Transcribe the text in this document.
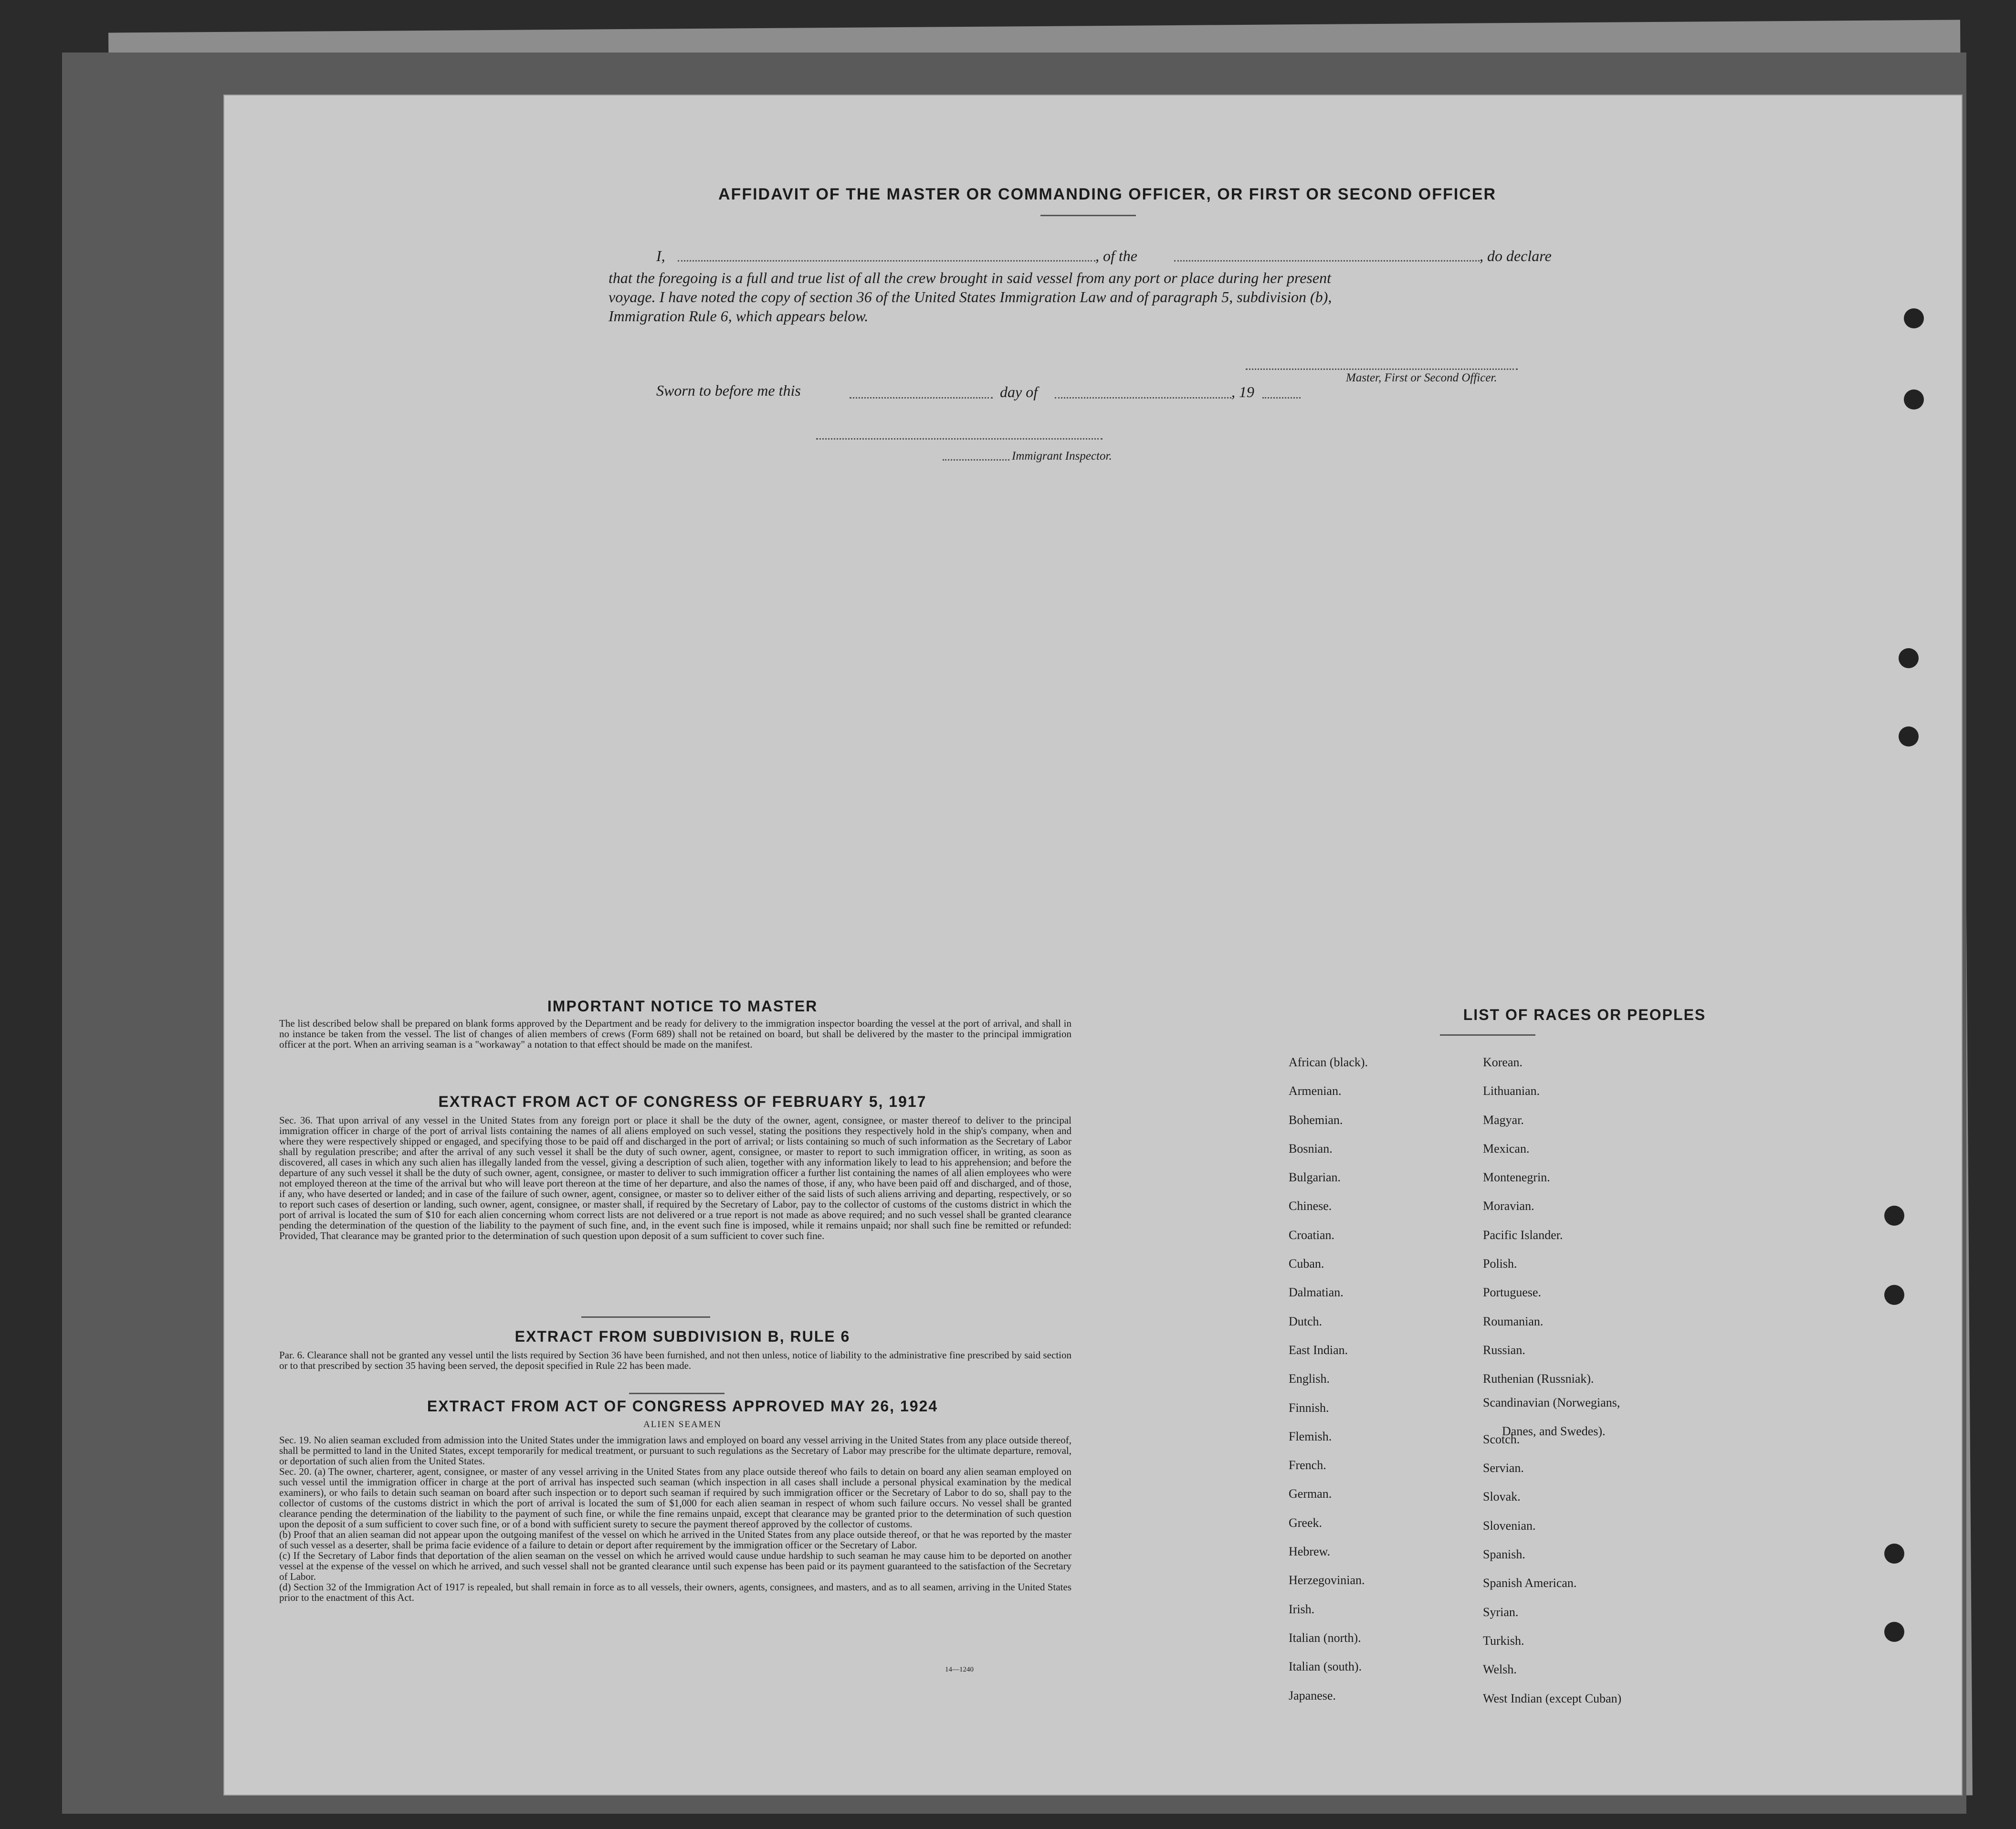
AFFIDAVIT OF THE MASTER OR COMMANDING OFFICER, OR FIRST OR SECOND OFFICER
I,	, of the	, do declare
that the foregoing is a full and true list of all the crew brought in said vessel from any port or place during her present
voyage. I have noted the copy of section 36 of the United States Immigration Law and of paragraph 5, subdivision (b),
Immigration Rule 6, which appears below.
Master, First or Second Officer.
Sworn to before me this	day of	, 19
Immigrant Inspector.
IMPORTANT NOTICE TO MASTER
The list described below shall be prepared on blank forms approved by the Department and be ready for delivery to the immigration inspector boarding the vessel at the port of arrival, and shall in no instance be taken from the vessel. The list of changes of alien members of crews (Form 689) shall not be retained on board, but shall be delivered by the master to the principal immigration officer at the port. When an arriving seaman is a "workaway" a notation to that effect should be made on the manifest.
EXTRACT FROM ACT OF CONGRESS OF FEBRUARY 5, 1917
Sec. 36. That upon arrival of any vessel in the United States from any foreign port or place it shall be the duty of the owner, agent, consignee, or master thereof to deliver to the principal immigration officer in charge of the port of arrival lists containing the names of all aliens employed on such vessel, stating the positions they respectively hold in the ship's company, when and where they were respectively shipped or engaged, and specifying those to be paid off and discharged in the port of arrival; or lists containing so much of such information as the Secretary of Labor shall by regulation prescribe; and after the arrival of any such vessel it shall be the duty of such owner, agent, consignee, or master to report to such immigration officer, in writing, as soon as discovered, all cases in which any such alien has illegally landed from the vessel, giving a description of such alien, together with any information likely to lead to his apprehension; and before the departure of any such vessel it shall be the duty of such owner, agent, consignee, or master to deliver to such immigration officer a further list containing the names of all alien employees who were not employed thereon at the time of the arrival but who will leave port thereon at the time of her departure, and also the names of those, if any, who have been paid off and discharged, and of those, if any, who have deserted or landed; and in case of the failure of such owner, agent, consignee, or master so to deliver either of the said lists of such aliens arriving and departing, respectively, or so to report such cases of desertion or landing, such owner, agent, consignee, or master shall, if required by the Secretary of Labor, pay to the collector of customs of the customs district in which the port of arrival is located the sum of $10 for each alien concerning whom correct lists are not delivered or a true report is not made as above required; and no such vessel shall be granted clearance pending the determination of the question of the liability to the payment of such fine, and, in the event such fine is imposed, while it remains unpaid; nor shall such fine be remitted or refunded: Provided, That clearance may be granted prior to the determination of such question upon deposit of a sum sufficient to cover such fine.
EXTRACT FROM SUBDIVISION B, RULE 6
Par. 6. Clearance shall not be granted any vessel until the lists required by Section 36 have been furnished, and not then unless, notice of liability to the administrative fine prescribed by said section or to that prescribed by section 35 having been served, the deposit specified in Rule 22 has been made.
EXTRACT FROM ACT OF CONGRESS APPROVED MAY 26, 1924
ALIEN SEAMEN
Sec. 19. No alien seaman excluded from admission into the United States under the immigration laws and employed on board any vessel arriving in the United States from any place outside thereof, shall be permitted to land in the United States, except temporarily for medical treatment, or pursuant to such regulations as the Secretary of Labor may prescribe for the ultimate departure, removal, or deportation of such alien from the United States.
Sec. 20. (a) The owner, charterer, agent, consignee, or master of any vessel arriving in the United States from any place outside thereof who fails to detain on board any alien seaman employed on such vessel until the immigration officer in charge at the port of arrival has inspected such seaman (which inspection in all cases shall include a personal physical examination by the medical examiners), or who fails to detain such seaman on board after such inspection or to deport such seaman if required by such immigration officer or the Secretary of Labor to do so, shall pay to the collector of customs of the customs district in which the port of arrival is located the sum of $1,000 for each alien seaman in respect of whom such failure occurs. No vessel shall be granted clearance pending the determination of the liability to the payment of such fine, or while the fine remains unpaid, except that clearance may be granted prior to the determination of such question upon the deposit of a sum sufficient to cover such fine, or of a bond with sufficient surety to secure the payment thereof approved by the collector of customs.
(b) Proof that an alien seaman did not appear upon the outgoing manifest of the vessel on which he arrived in the United States from any place outside thereof, or that he was reported by the master of such vessel as a deserter, shall be prima facie evidence of a failure to detain or deport after requirement by the immigration officer or the Secretary of Labor.
(c) If the Secretary of Labor finds that deportation of the alien seaman on the vessel on which he arrived would cause undue hardship to such seaman he may cause him to be deported on another vessel at the expense of the vessel on which he arrived, and such vessel shall not be granted clearance until such expense has been paid or its payment guaranteed to the satisfaction of the Secretary of Labor.
(d) Section 32 of the Immigration Act of 1917 is repealed, but shall remain in force as to all vessels, their owners, agents, consignees, and masters, and as to all seamen, arriving in the United States prior to the enactment of this Act.
14—1240
LIST OF RACES OR PEOPLES
African (black).
Armenian.
Bohemian.
Bosnian.
Bulgarian.
Chinese.
Croatian.
Cuban.
Dalmatian.
Dutch.
East Indian.
English.
Finnish.
Flemish.
French.
German.
Greek.
Hebrew.
Herzegovinian.
Irish.
Italian (north).
Italian (south).
Japanese.
Korean.
Lithuanian.
Magyar.
Mexican.
Montenegrin.
Moravian.
Pacific Islander.
Polish.
Portuguese.
Roumanian.
Russian.
Ruthenian (Russniak).
Scandinavian (Norwegians,
Danes, and Swedes).
Scotch.
Servian.
Slovak.
Slovenian.
Spanish.
Spanish American.
Syrian.
Turkish.
Welsh.
West Indian (except Cuban)
